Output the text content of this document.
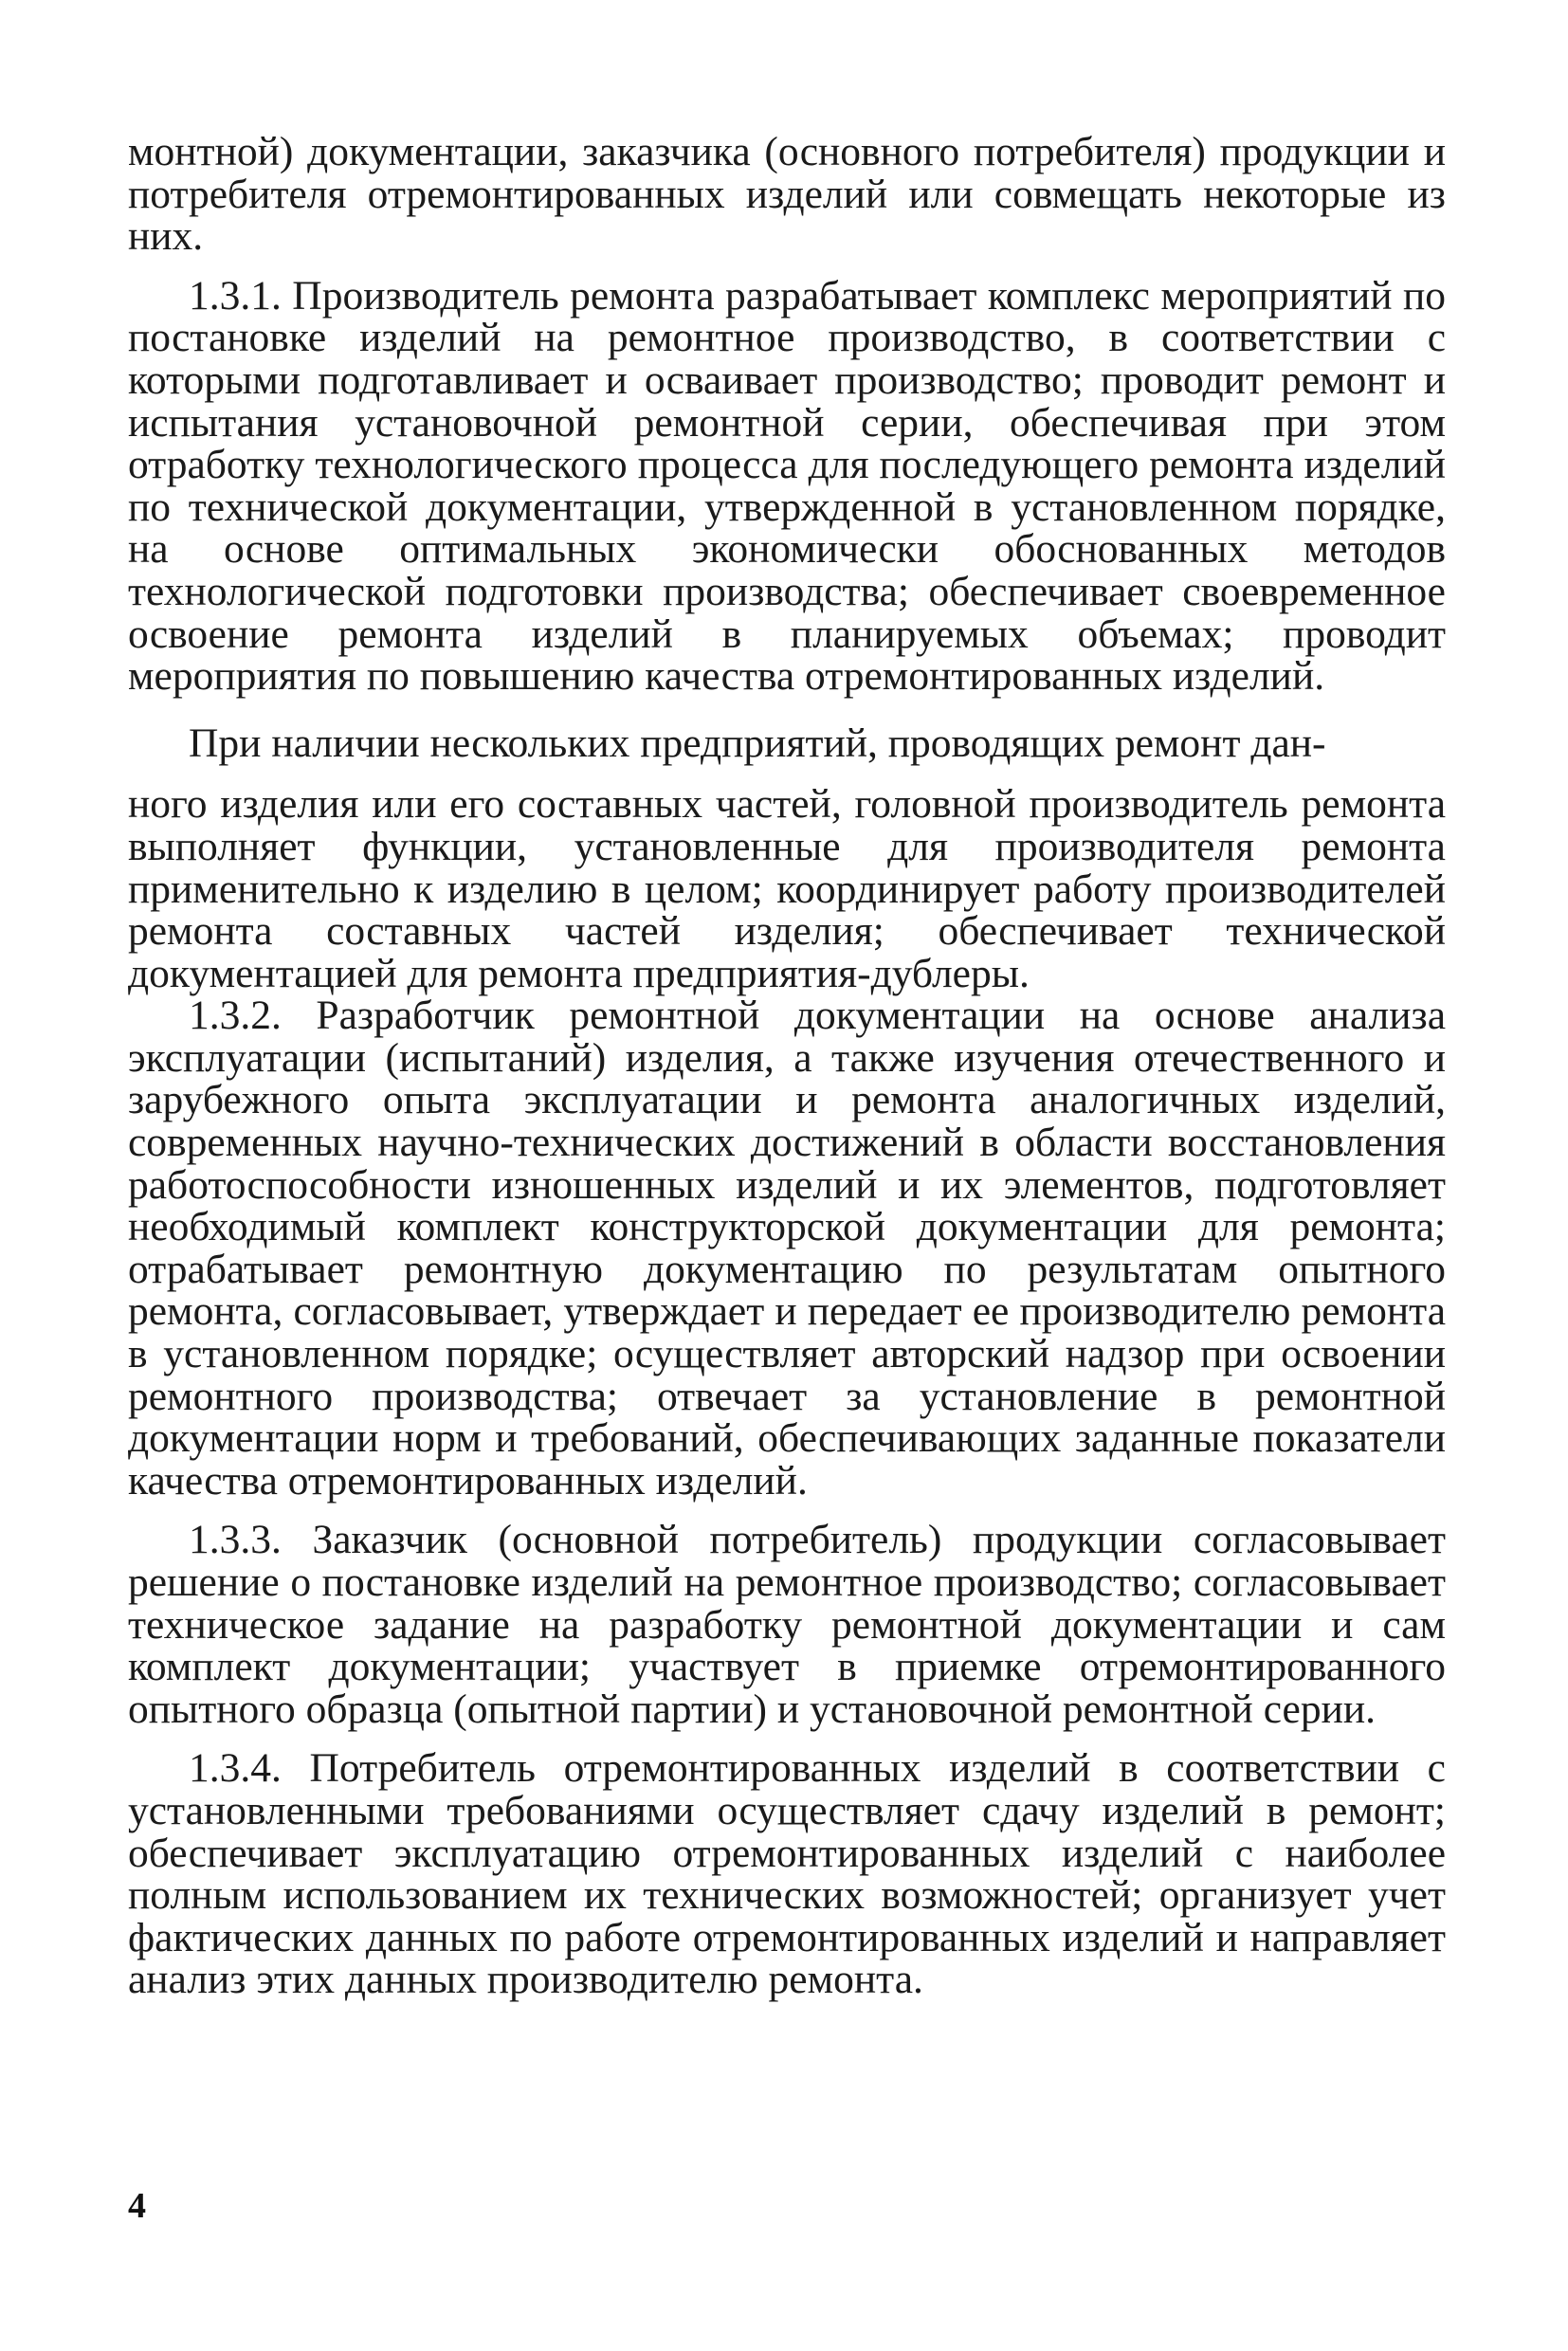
монтной) документации, заказчика (основного потребителя) продукции и потребителя отремонтированных изделий или совмещать некоторые из них.

1.3.1. Производитель ремонта разрабатывает комплекс мероприятий по постановке изделий на ремонтное производство, в соответствии с которыми подготавливает и осваивает производство; проводит ремонт и испытания установочной ремонтной серии, обеспечивая при этом отработку технологического процесса для последующего ремонта изделий по технической документации, утвержденной в установленном порядке, на основе оптимальных экономически обоснованных методов технологической подготовки производства; обеспечивает своевременное освоение ремонта изделий в планируемых объемах; проводит мероприятия по повышению качества отремонтированных изделий.

При наличии нескольких предприятий, проводящих ремонт дан-

ного изделия или его составных частей, головной производитель ремонта выполняет функции, установленные для производителя ремонта применительно к изделию в целом; координирует работу производителей ремонта составных частей изделия; обеспечивает технической документацией для ремонта предприятия-дублеры.

1.3.2. Разработчик ремонтной документации на основе анализа эксплуатации (испытаний) изделия, а также изучения отечественного и зарубежного опыта эксплуатации и ремонта аналогичных изделий, современных научно-технических достижений в области восстановления работоспособности изношенных изделий и их элементов, подготовляет необходимый комплект конструкторской документации для ремонта; отрабатывает ремонтную документацию по результатам опытного ремонта, согласовывает, утверждает и передает ее производителю ремонта в установленном порядке; осуществляет авторский надзор при освоении ремонтного производства; отвечает за установление в ремонтной документации норм и требований, обеспечивающих заданные показатели качества отремонтированных изделий.

1.3.3. Заказчик (основной потребитель) продукции согласовывает решение о постановке изделий на ремонтное производство; согласовывает техническое задание на разработку ремонтной документации и сам комплект документации; участвует в приемке отремонтированного опытного образца (опытной партии) и установочной ремонтной серии.

1.3.4. Потребитель отремонтированных изделий в соответствии с установленными требованиями осуществляет сдачу изделий в ремонт; обеспечивает эксплуатацию отремонтированных изделий с наиболее полным использованием их технических возможностей; организует учет фактических данных по работе отремонтированных изделий и направляет анализ этих данных производителю ремонта.

4
